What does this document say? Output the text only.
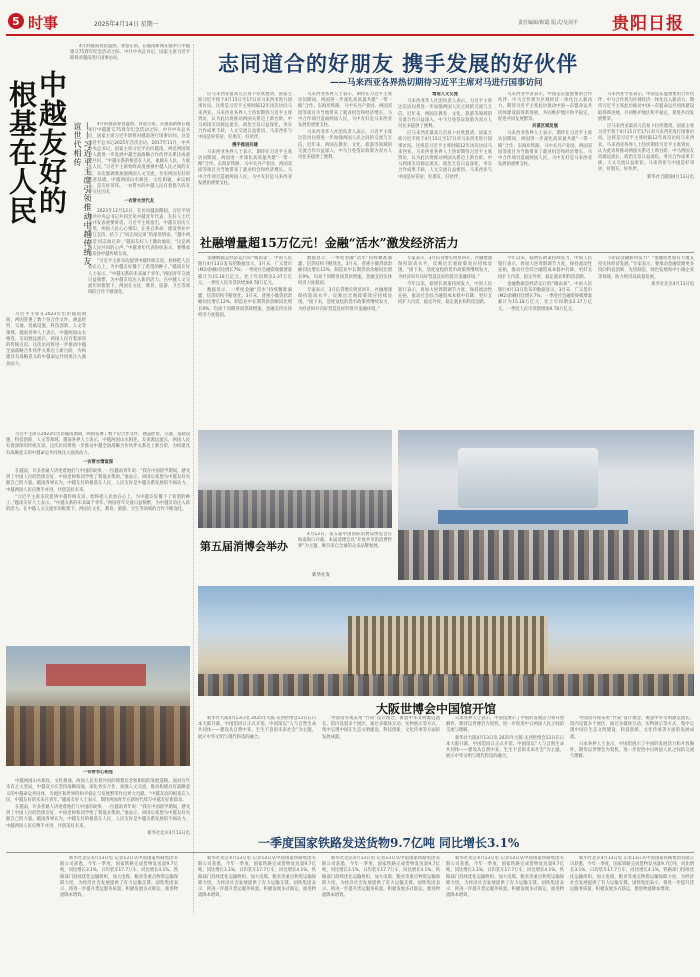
5 时事	2025年4月14日 星期一	责任编辑/欧聪 版式/吴剑平 贵阳日报

4月的越南春意盎然。春意正浓，在越南新闻在越举行中越建交75周年纪念活动之际，中共中央总书记、国家主席习近平即将对越南进行国事访问。

中越友好的
根基在人民	——习近平主席引领推动中越传统友谊世代相传	4月的越南春意盎然。春意正浓，在越南新闻在越举行中越建交75周年纪念活动之际，中共中央总书记、国家主席习近平即将对越南进行国事访问，这是习近平总书记2025年首次出访。2017年11月，中共中央总书记、国家主席习近平访问越南，两党两国领导人就进一步发展中越全面战略合作伙伴关系达成重要共识。“中越关系的根基在人民，血脉在人民，力量在人民。”习近平主席始终高度重视中越人民之间的友谊，多次强调要加强两国人文交流，夯实两国友好的民意基础。中越两国山水相连，文化相通，命运相关，是友好邻邦。一衣带水的中越人民有着悠久的友好交往历史。

一衣带水世代友

2023年12月12日，在访问越南期间，习近平同越共中央总书记共同会见中越青年代表、友好人士代表并发表重要讲话。习近平主席指出，中越友谊历久弥坚，两国人民心心相印，在各自革命、建设事业中相互支持，结下了“同志加兄弟”的深厚情谊。“越中两国是‘同志加兄弟’。”越南友好人士激动地说。“这是两国人民共同的心声。”中越青年代表纷纷表示，要继承和发扬中越传统友谊。

“习近平主席多次提到中越传统友谊，始终把人民放在心上，为中越友好播下了希望的种子。”越南友好人士表示。“中越关系的未来属于青年。”两国青年交流日益频繁，为中越友谊注入新的活力。在中越人文交流年的框架下，两国在文化、教育、旅游、卫生等领域的合作不断深化。

习近平主席在2023年出访越南期间，两国签署了数十份合作文件，涵盖经贸、交通、基础设施、科技创新、人文等领域。越南各界人士表示，中越两国山水相连，友谊源远流长，两国人民有着深厚的传统友谊。这次访问将进一步推动中越全面战略合作伙伴关系迈上新台阶，为构建具有战略意义的中越命运共同体注入强劲动力。

习近平主席在2023年出访越南期间，两国签署了数十份合作文件，涵盖经贸、交通、基础设施、科技创新、人文等领域。越南各界人士表示，中越两国山水相连，友谊源远流长，两国人民有着深厚的传统友谊。这次访问将进一步推动中越全面战略合作伙伴关系迈上新台阶，为构建具有战略意义的中越命运共同体注入强劲动力。

一衣带水情谊深

在越南，许多普通人讲述着他们与中国的故事。一位越南青年说：“我在中国留学期间，感受到了中国人民的热情友好，中国老师和同学给了我很多帮助。”他表示，回国后希望为中越友好贡献自己的力量。越南各界认为，中越友好的根基在人民，人民友好是中越关系发展的不竭动力。中越两国人民应携手并进，共创美好未来。

“习近平主席多次提到中越传统友谊，始终把人民放在心上，为中越友好播下了希望的种子。”越南友好人士表示。“中越关系的未来属于青年。”两国青年交流日益频繁，为中越友谊注入新的活力。在中越人文交流年的框架下，两国在文化、教育、旅游、卫生等领域的合作不断深化。

一衣带水心相连

中越两国山水相连，文化相通，两国人民有着共同的理想信念和相似的发展道路。面对百年未有之大变局，中越双方应坚持战略沟通，深化务实合作，加强人文交流，推动构建具有战略意义的中越命运共同体，为地区和世界的和平稳定与发展繁荣作出更大贡献。“中越友谊的根基在人民，中越友好的未来在青年。”越南友好人士表示，期待两国青年在新时代续写中越友好新篇章。

在越南，许多普通人讲述着他们与中国的故事。一位越南青年说：“我在中国留学期间，感受到了中国人民的热情友好，中国老师和同学给了我很多帮助。”他表示，回国后希望为中越友好贡献自己的力量。越南各界认为，中越友好的根基在人民，人民友好是中越关系发展的不竭动力。中越两国人民应携手并进，共创美好未来。

新华社北京4月13日电

志同道合的好朋友 携手发展的好伙伴
——马来西亚各界热切期待习近平主席对马进行国事访问

应马来西亚最高元首易卜拉欣邀请，国家主席习近平将于4月15日至17日对马来西亚进行国事访问。这将是习近平主席时隔12年再次访问马来西亚。马来西亚各界人士热切期待习近平主席到访，认为此访将推动两国关系迈上新台阶。中马两国友谊源远流长，政治互信日益深化，务实合作成果丰硕，人文交流日益密切。马来西亚与中国是好邻居、好朋友、好伙伴。

携手推进共建

马来西亚各界人士表示，期待在习近平主席访问期间，两国进一步深化高质量共建“一带一路”合作。东海岸铁路、马中关丹产业园、两国双园等项目为当地带来了就业机会和经济增长。马中合作项目造福两国人民，马中友好是马来西亚发展的重要支柱。

马来西亚各界人士表示，期待在习近平主席访问期间，两国进一步深化高质量共建“一带一路”合作。东海岸铁路、马中关丹产业园、两国双园等项目为当地带来了就业机会和经济增长。马中合作项目造福两国人民，马中友好是马来西亚发展的重要支柱。

马来西亚华人社团负责人表示，习近平主席这次访问将进一步加强两国人民之间的交流与互信。近年来，两国在教育、文化、旅游等领域的交流合作日益深入，中马互免签证政策为双方人员往来提供了便利。

增进人文交流

马来西亚华人社团负责人表示，习近平主席这次访问将进一步加强两国人民之间的交流与互信。近年来，两国在教育、文化、旅游等领域的交流合作日益深入，中马互免签证政策为双方人员往来提供了便利。

应马来西亚最高元首易卜拉欣邀请，国家主席习近平将于4月15日至17日对马来西亚进行国事访问。这将是习近平主席时隔12年再次访问马来西亚。马来西亚各界人士热切期待习近平主席到访，认为此访将推动两国关系迈上新台阶。中马两国友谊源远流长，政治互信日益深化，务实合作成果丰硕，人文交流日益密切。马来西亚与中国是好邻居、好朋友、好伙伴。

马来西亚学者表示，中国是东盟重要的合作伙伴，中马合作将为区域经济一体化注入新动力。期待习近平主席此访推动中国—东盟命运共同体建设取得新进展，共同维护地区和平稳定，促进共同发展繁荣。

共谋区域发展

马来西亚各界人士表示，期待在习近平主席访问期间，两国进一步深化高质量共建“一带一路”合作。东海岸铁路、马中关丹产业园、两国双园等项目为当地带来了就业机会和经济增长。马中合作项目造福两国人民，马中友好是马来西亚发展的重要支柱。

马来西亚学者表示，中国是东盟重要的合作伙伴，中马合作将为区域经济一体化注入新动力。期待习近平主席此访推动中国—东盟命运共同体建设取得新进展，共同维护地区和平稳定，促进共同发展繁荣。

应马来西亚最高元首易卜拉欣邀请，国家主席习近平将于4月15日至17日对马来西亚进行国事访问。这将是习近平主席时隔12年再次访问马来西亚。马来西亚各界人士热切期待习近平主席到访，认为此访将推动两国关系迈上新台阶。中马两国友谊源远流长，政治互信日益深化，务实合作成果丰硕，人文交流日益密切。马来西亚与中国是好邻居、好朋友、好伙伴。

新华社吉隆坡4月13日电

社融增量超15万亿元！金融“活水”激发经济活力

金融数据是经济运行的“晴雨表”。中国人民银行4月13日发布的数据显示，3月末，广义货币(M2)余额同比增长7%；一季度社会融资规模增量累计为15.18万亿元，比上年同期多2.37万亿元。一季度人民币贷款增加9.78万亿元。

数据显示，一季度金融“活水”持续精准滴灌，信贷结构不断优化。3月末，普惠小微贷款余额同比增长12%，制造业中长期贷款余额同比增长9%，均高于同期各项贷款增速。金融支持实体经济力度稳固。

数据显示，一季度金融“活水”持续精准滴灌，信贷结构不断优化。3月末，普惠小微贷款余额同比增长12%，制造业中长期贷款余额同比增长9%，均高于同期各项贷款增速。金融支持实体经济力度稳固。

专家表示，3月信贷增长明显回升，社融增速保持较高水平，反映出宏观政策效应持续显现。“接下来，适度宽松的货币政策将继续发力，为经济回升向好营造良好的货币金融环境。”

专家表示，3月信贷增长明显回升，社融增速保持较高水平，反映出宏观政策效应持续显现。“接下来，适度宽松的货币政策将继续发力，为经济回升向好营造良好的货币金融环境。”

今年以来，稳增长政策持续发力，中国人民银行表示，将加大逆周期调节力度，保持流动性充裕，推动社会综合融资成本稳中有降，更好支持扩大内需、稳定外贸、稳定就业和科技创新。

今年以来，稳增长政策持续发力，中国人民银行表示，将加大逆周期调节力度，保持流动性充裕，推动社会综合融资成本稳中有降，更好支持扩大内需、稳定外贸、稳定就业和科技创新。

金融数据是经济运行的“晴雨表”。中国人民银行4月13日发布的数据显示，3月末，广义货币(M2)余额同比增长7%；一季度社会融资规模增量累计为15.18万亿元，比上年同期多2.37万亿元。一季度人民币贷款增加9.78万亿元。

下阶段金融如何发力？“金融将更加有力地支持实体经济发展。”专家表示，要推动金融资源更多投向科技创新、先进制造、绿色发展和中小微企业等领域，助力经济高质量发展。

新华社北京4月13日电

第五届消博会举办

4月13日，第五届中国国际消费品博览会在海南海口开幕。本届消博会以“开放共享的消费世界”为主题，吸引来自全球的众多品牌参展。

新华社发
大阪世博会中国馆开馆

新华社大阪4月13日电 2025年大阪·关西世博会13日在日本大阪开幕，中国馆同日正式开馆。中国馆以“人与自然生命共同体——建设从自然中来、生生不息的未来社会”为主题，展示中华文明与现代科技的融合。

中国馆外观采用“竹简”设计理念，寓意中华文明源远流长。馆内设置多个展区，通过多媒体互动、实物展示等方式，集中呈现中国在生态文明建设、科技创新、文化传承等方面的发展成就。

日本各界人士表示，中国馆展示了中国的发展活力和开放胸怀，期待以世博会为契机，进一步促进中日两国人民之间的交流与理解。

新华社大阪4月13日电 2025年大阪·关西世博会13日在日本大阪开幕，中国馆同日正式开馆。中国馆以“人与自然生命共同体——建设从自然中来、生生不息的未来社会”为主题，展示中华文明与现代科技的融合。

中国馆外观采用“竹简”设计理念，寓意中华文明源远流长。馆内设置多个展区，通过多媒体互动、实物展示等方式，集中呈现中国在生态文明建设、科技创新、文化传承等方面的发展成就。

日本各界人士表示，中国馆展示了中国的发展活力和开放胸怀，期待以世博会为契机，进一步促进中日两国人民之间的交流与理解。

一季度国家铁路发送货物9.7亿吨 同比增长3.1%

新华社北京4月13日电 记者13日从中国国家铁路集团有限公司获悉，今年一季度，国家铁路完成货物发送量9.7亿吨，同比增长3.1%，日均装车17.7万车，同比增长4.1%。铁路部门持续优化运输组织，加大电煤、粮食等重点物资运输保障力度，为经济社会发展提供了有力运输支撑。国铁集团表示，将进一步提升货运服务质量，积极发展多式联运，推进物流降本增效。

新华社北京4月13日电 记者13日从中国国家铁路集团有限公司获悉，今年一季度，国家铁路完成货物发送量9.7亿吨，同比增长3.1%，日均装车17.7万车，同比增长4.1%。铁路部门持续优化运输组织，加大电煤、粮食等重点物资运输保障力度，为经济社会发展提供了有力运输支撑。国铁集团表示，将进一步提升货运服务质量，积极发展多式联运，推进物流降本增效。

新华社北京4月13日电 记者13日从中国国家铁路集团有限公司获悉，今年一季度，国家铁路完成货物发送量9.7亿吨，同比增长3.1%，日均装车17.7万车，同比增长4.1%。铁路部门持续优化运输组织，加大电煤、粮食等重点物资运输保障力度，为经济社会发展提供了有力运输支撑。国铁集团表示，将进一步提升货运服务质量，积极发展多式联运，推进物流降本增效。

新华社北京4月13日电 记者13日从中国国家铁路集团有限公司获悉，今年一季度，国家铁路完成货物发送量9.7亿吨，同比增长3.1%，日均装车17.7万车，同比增长4.1%。铁路部门持续优化运输组织，加大电煤、粮食等重点物资运输保障力度，为经济社会发展提供了有力运输支撑。国铁集团表示，将进一步提升货运服务质量，积极发展多式联运，推进物流降本增效。

新华社北京4月13日电 记者13日从中国国家铁路集团有限公司获悉，今年一季度，国家铁路完成货物发送量9.7亿吨，同比增长3.1%，日均装车17.7万车，同比增长4.1%。铁路部门持续优化运输组织，加大电煤、粮食等重点物资运输保障力度，为经济社会发展提供了有力运输支撑。国铁集团表示，将进一步提升货运服务质量，积极发展多式联运，推进物流降本增效。
